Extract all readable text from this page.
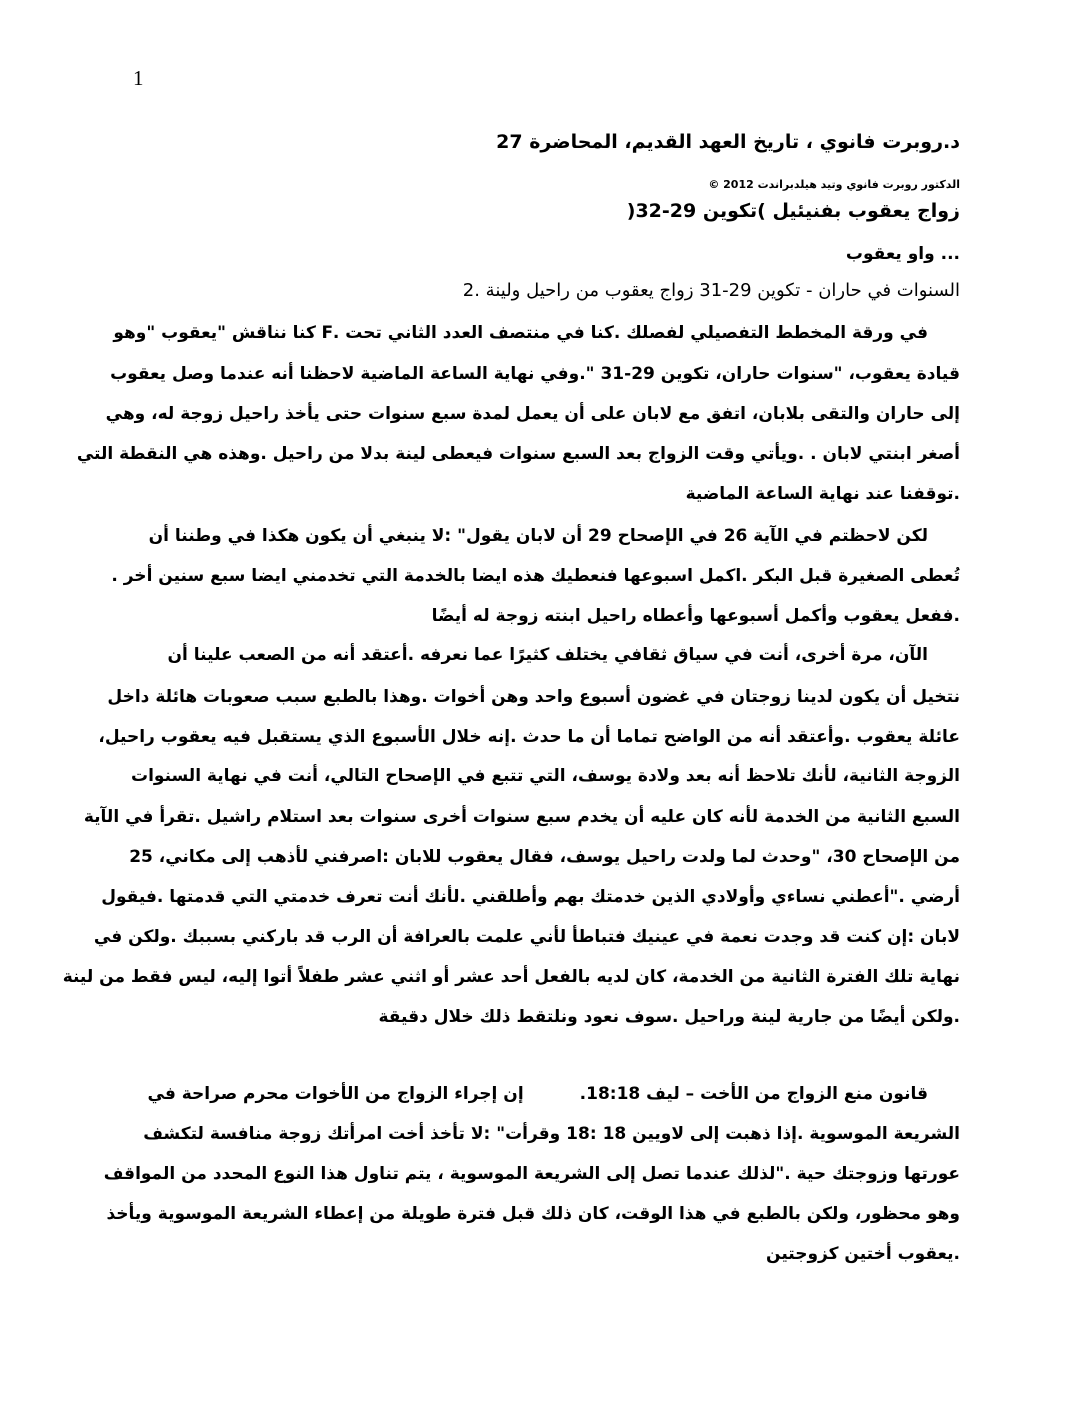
1
د.روبرت فانوي ، تاريخ العهد القديم، المحاضرة 27
الدكتور روبرت فانوي وتيد هيلدبراندت 2012 ©
زواج يعقوب بفنيئيل )تكوين 29-32(
... واو يعقوب
السنوات في حاران - تكوين 29-31 زواج يعقوب من راحيل ولينة .2
في ورقة المخطط التفصيلي لفصلك .كنا في منتصف العدد الثاني تحت .F كنا نناقش "يعقوب "وهو
قيادة يعقوب، "سنوات حاران، تكوين 29-31 ".وفي نهاية الساعة الماضية لاحظنا أنه عندما وصل يعقوب
إلى حاران والتقى بلابان، اتفق مع لابان على أن يعمل لمدة سبع سنوات حتى يأخذ راحيل زوجة له، وهي
أصغر ابنتي لابان . .ويأتي وقت الزواج بعد السبع سنوات فيعطى لينة بدلا من راحيل .وهذه هي النقطة التي
.توقفنا عند نهاية الساعة الماضية
لكن لاحظتم في الآية 26 في الإصحاح 29 أن لابان يقول" :لا ينبغي أن يكون هكذا في وطننا أن
تُعطى الصغيرة قبل البكر .اكمل اسبوعها فنعطيك هذه ايضا بالخدمة التي تخدمني ايضا سبع سنين أخر .
.ففعل يعقوب وأكمل أسبوعها وأعطاه راحيل ابنته زوجة له أيضًا
الآن، مرة أخرى، أنت في سياق ثقافي يختلف كثيرًا عما نعرفه .أعتقد أنه من الصعب علينا أن
نتخيل أن يكون لدينا زوجتان في غضون أسبوع واحد وهن أخوات .وهذا بالطبع سبب صعوبات هائلة داخل
عائلة يعقوب .وأعتقد أنه من الواضح تماما أن ما حدث .إنه خلال الأسبوع الذي يستقبل فيه يعقوب راحيل،
الزوجة الثانية، لأنك تلاحظ أنه بعد ولادة يوسف، التي تتبع في الإصحاح التالي، أنت في نهاية السنوات
السبع الثانية من الخدمة لأنه كان عليه أن يخدم سبع سنوات أخرى سنوات بعد استلام راشيل .تقرأ في الآية
من الإصحاح 30، "وحدث لما ولدت راحيل يوسف، فقال يعقوب للابان :اصرفني لأذهب إلى مكاني، 25
أرضي ."أعطني نساءي وأولادي الذين خدمتك بهم وأطلقني .لأنك أنت تعرف خدمتي التي قدمتها .فيقول
لابان :إن كنت قد وجدت نعمة في عينيك فتباطأ لأني علمت بالعرافة أن الرب قد باركني بسببك .ولكن في
نهاية تلك الفترة الثانية من الخدمة، كان لديه بالفعل أحد عشر أو اثني عشر طفلاً أتوا إليه، ليس فقط من لينة
.ولكن أيضًا من جارية لينة وراحيل .سوف نعود ونلتقط ذلك خلال دقيقة
قانون منع الزواج من الأخت – ليف 18:18.إن إجراء الزواج من الأخوات محرم صراحة في
الشريعة الموسوية .إذا ذهبت إلى لاويين 18 :18 وقرأت" :لا تأخذ أخت امرأتك زوجة منافسة لتكشف
عورتها وزوجتك حية ."لذلك عندما تصل إلى الشريعة الموسوية ، يتم تناول هذا النوع المحدد من المواقف
وهو محظور، ولكن بالطبع في هذا الوقت، كان ذلك قبل فترة طويلة من إعطاء الشريعة الموسوية ويأخذ
.يعقوب أختين كزوجتين
